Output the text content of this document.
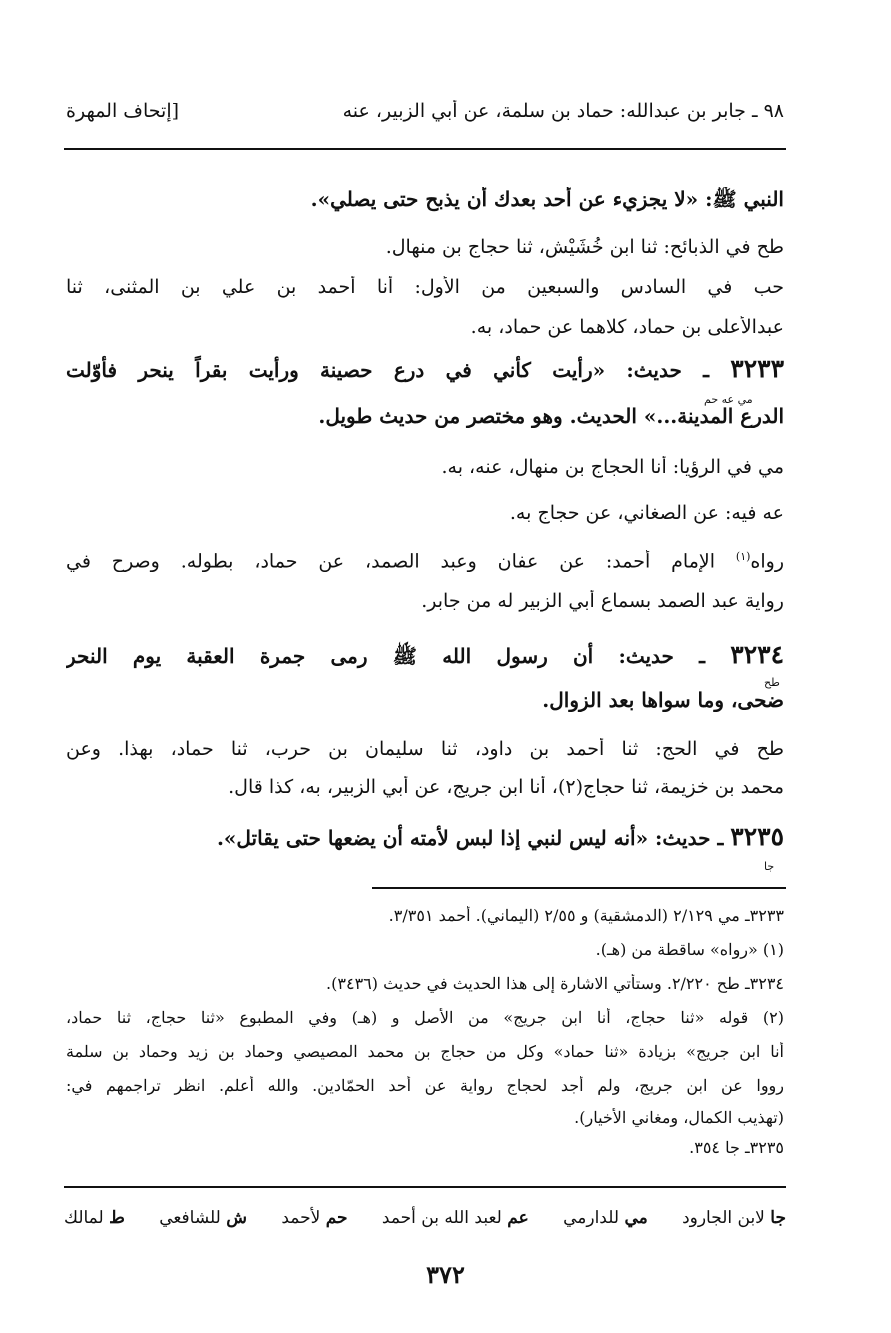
٩٨ ـ جابر بن عبدالله: حماد بن سلمة، عن أبي الزبير، عنه
[إتحاف المهرة
النبي ﷺ: «لا يجزيء عن أحد بعدك أن يذبح حتى يصلي».
طح في الذبائح: ثنا ابن خُشَيْش، ثنا حجاج بن منهال.
حب في السادس والسبعين من الأول: أنا أحمد بن علي بن المثنى، ثنا
عبدالأعلى بن حماد، كلاهما عن حماد، به.
٣٢٣٣ ـ حديث: «رأيت كأني في درع حصينة ورأيت بقراً ينحر فأوّلت
مي عه حم
الدرع المدينة...» الحديث. وهو مختصر من حديث طويل.
مي في الرؤيا: أنا الحجاج بن منهال، عنه، به.
عه فيه: عن الصغاني، عن حجاج به.
رواه$^{(١)}$ الإمام أحمد: عن عفان وعبد الصمد، عن حماد، بطوله. وصرح في
رواية عبد الصمد بسماع أبي الزبير له من جابر.
٣٢٣٤ ـ حديث: أن رسول الله ﷺ رمى جمرة العقبة يوم النحر
طح
ضحى، وما سواها بعد الزوال.
طح في الحج: ثنا أحمد بن داود، ثنا سليمان بن حرب، ثنا حماد، بهذا. وعن
محمد بن خزيمة، ثنا حجاج(٢)، أنا ابن جريج، عن أبي الزبير، به، كذا قال.
٣٢٣٥ ـ حديث: «أنه ليس لنبي إذا لبس لأمته أن يضعها حتى يقاتل».
جا
٣٢٣٣ـ مي ٢/١٢٩ (الدمشقية) و ٢/٥٥ (اليماني). أحمد ٣/٣٥١.
(١) «رواه» ساقطة من (هـ).
٣٢٣٤ـ طح ٢/٢٢٠. وستأتي الاشارة إلى هذا الحديث في حديث (٣٤٣٦).
(٢) قوله «ثنا حجاج، أنا ابن جريج» من الأصل و (هـ) وفي المطبوع «ثنا حجاج، ثنا حماد،
أنا ابن جريج» بزيادة «ثنا حماد» وكل من حجاج بن محمد المصيصي وحماد بن زيد وحماد بن سلمة
رووا عن ابن جريج، ولم أجد لحجاج رواية عن أحد الحمّادين. والله أعلم. انظر تراجمهم في:
(تهذيب الكمال، ومغاني الأخيار).
٣٢٣٥ـ جا ٣٥٤.
ط لمالك	ش للشافعي	حم لأحمد	عم لعبد الله بن أحمد	مي للدارمي	جا لابن الجارود
٣٧٢
